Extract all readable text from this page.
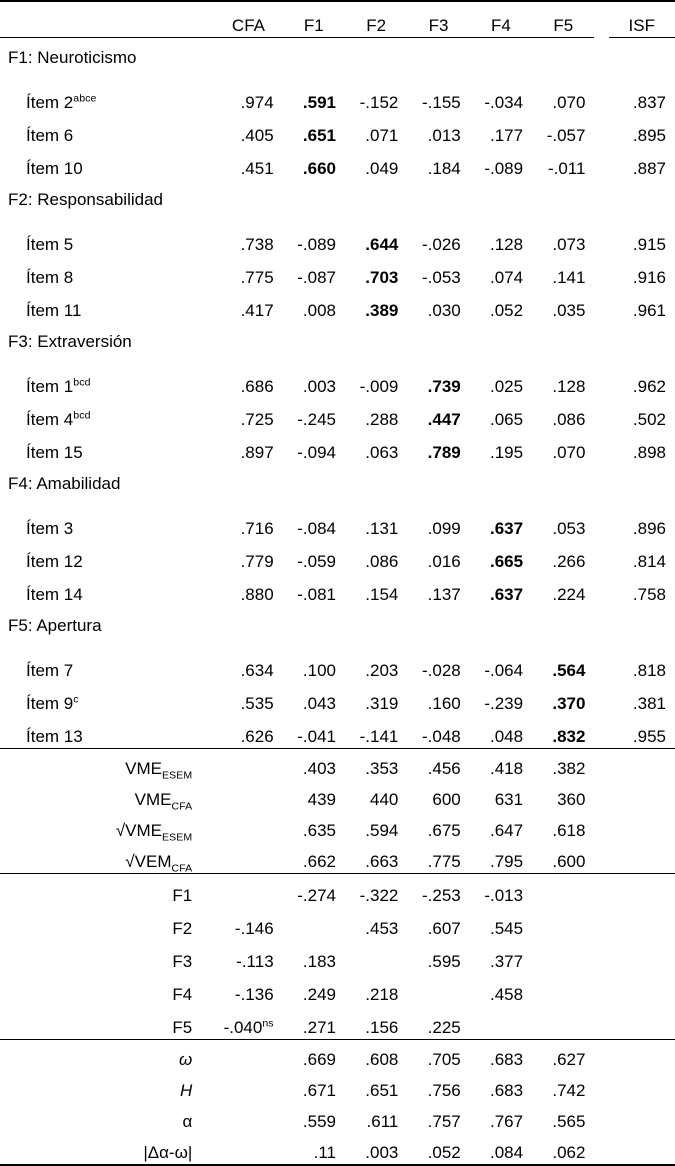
	CFA	F1	F2	F3	F4	F5		ISF
F1: Neuroticismo								
Ítem $2^{abce}$	.974	.591	-.152	-.155	-.034	.070		.837
Ítem 6	.405	.651	.071	.013	.177	-.057		.895
Ítem 10	.451	.660	.049	.184	-.089	-.011		.887
F2: Responsabilidad								
Ítem 5	.738	-.089	.644	-.026	.128	.073		.915
Ítem 8	.775	-.087	.703	-.053	.074	.141		.916
Ítem 11	.417	.008	.389	.030	.052	.035		.961
F3: Extraversión								
Ítem $1^{bcd}$	.686	.003	-.009	.739	.025	.128		.962
Ítem $4^{bcd}$	.725	-.245	.288	.447	.065	.086		.502
Ítem 15	.897	-.094	.063	.789	.195	.070		.898
F4: Amabilidad								
Ítem 3	.716	-.084	.131	.099	.637	.053		.896
Ítem 12	.779	-.059	.086	.016	.665	.266		.814
Ítem 14	.880	-.081	.154	.137	.637	.224		.758
F5: Apertura								
Ítem 7	.634	.100	.203	-.028	-.064	.564		.818
Ítem 9$^c$	.535	.043	.319	.160	-.239	.370		.381
Ítem 13	.626	-.041	-.141	-.048	.048	.832		.955
$VME_{ESEM}$		.403	.353	.456	.418	.382		
$VME_{CFA}$		439	440	600	631	360		
$√VME_{ESEM}$		.635	.594	.675	.647	.618		
$√VEM_{CFA}$		.662	.663	.775	.795	.600		
F1		-.274	-.322	-.253	-.013			
F2	-.146		.453	.607	.545			
F3	-.113	.183		.595	.377			
F4	-.136	.249	.218		.458			
F5	$-.040^{ns}$	.271	.156	.225				
ω		.669	.608	.705	.683	.627		
H		.671	.651	.756	.683	.742		
α		.559	.611	.757	.767	.565		
|Δα-ω|		.11	.003	.052	.084	.062		
